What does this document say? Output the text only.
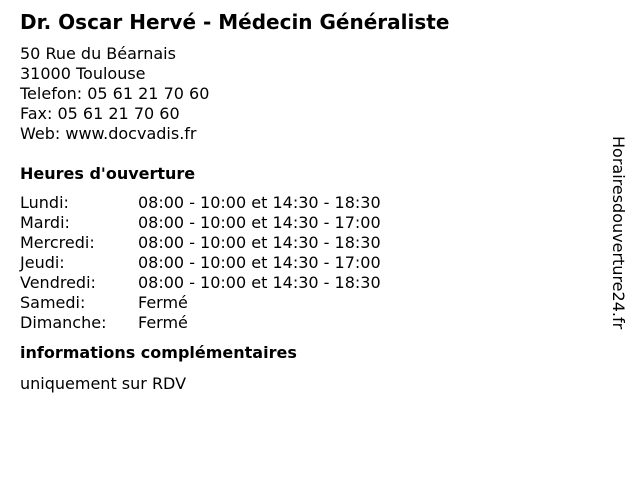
Dr. Oscar Hervé - Médecin Généraliste
50 Rue du Béarnais
31000 Toulouse
Telefon: 05 61 21 70 60
Fax: 05 61 21 70 60
Web: www.docvadis.fr
Heures d'ouverture
Lundi:	08:00 - 10:00 et 14:30 - 18:30
Mardi:	08:00 - 10:00 et 14:30 - 17:00
Mercredi:	08:00 - 10:00 et 14:30 - 18:30
Jeudi:	08:00 - 10:00 et 14:30 - 17:00
Vendredi:	08:00 - 10:00 et 14:30 - 18:30
Samedi:	Fermé
Dimanche:	Fermé
informations complémentaires
uniquement sur RDV
Horairesdouverture24.fr
